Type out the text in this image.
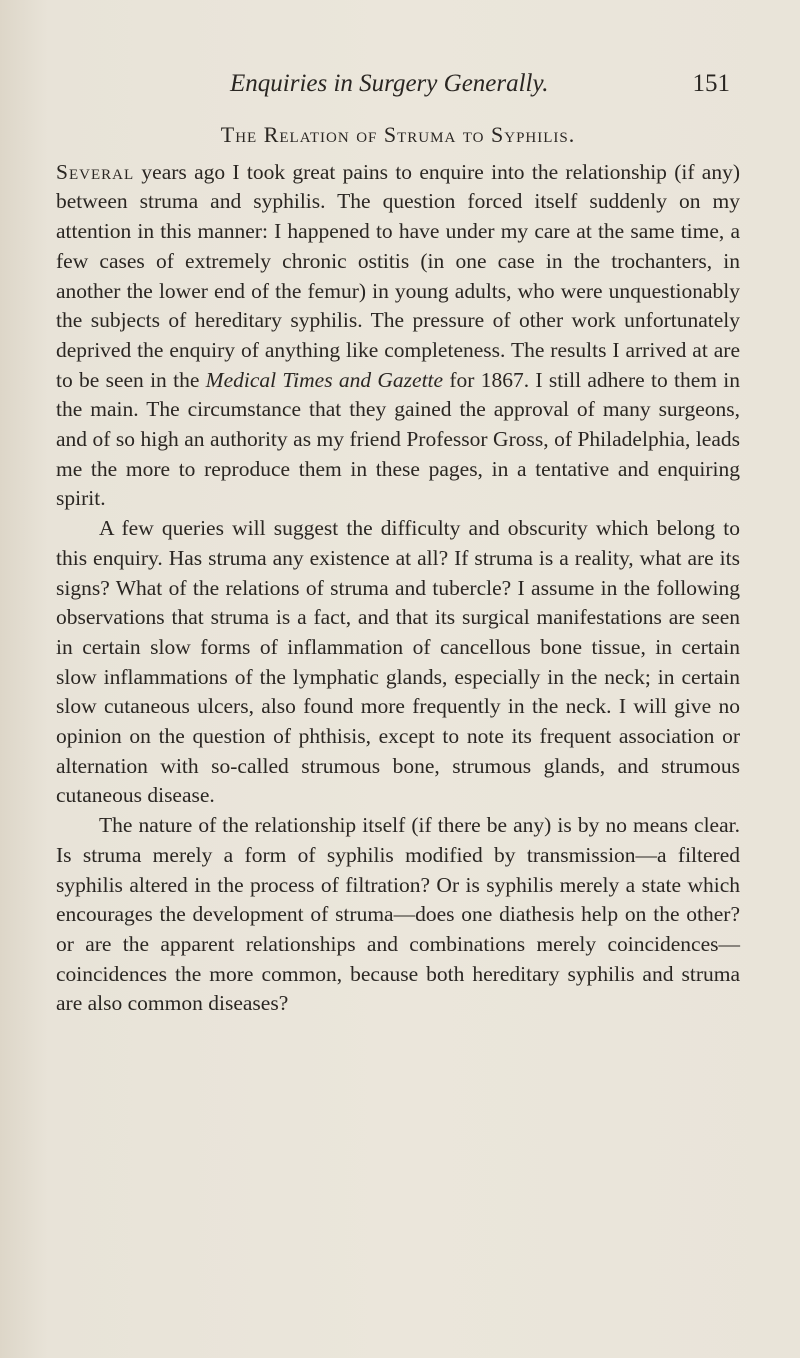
Enquiries in Surgery Generally.	151
The Relation of Struma to Syphilis.

Several years ago I took great pains to enquire into the relationship (if any) between struma and syphilis. The question forced itself suddenly on my attention in this manner: I happened to have under my care at the same time, a few cases of extremely chronic ostitis (in one case in the trochanters, in another the lower end of the femur) in young adults, who were unquestionably the subjects of hereditary syphilis. The pressure of other work unfortunately deprived the enquiry of anything like completeness. The results I arrived at are to be seen in the Medical Times and Gazette for 1867. I still adhere to them in the main. The circumstance that they gained the approval of many surgeons, and of so high an authority as my friend Professor Gross, of Philadelphia, leads me the more to reproduce them in these pages, in a tentative and enquiring spirit.

A few queries will suggest the difficulty and obscurity which belong to this enquiry. Has struma any existence at all? If struma is a reality, what are its signs? What of the relations of struma and tubercle? I assume in the following observations that struma is a fact, and that its surgical manifestations are seen in certain slow forms of inflammation of cancellous bone tissue, in certain slow inflammations of the lymphatic glands, especially in the neck; in certain slow cutaneous ulcers, also found more frequently in the neck. I will give no opinion on the question of phthisis, except to note its frequent association or alternation with so-called strumous bone, strumous glands, and strumous cutaneous disease.

The nature of the relationship itself (if there be any) is by no means clear. Is struma merely a form of syphilis modified by transmission—a filtered syphilis altered in the process of filtration? Or is syphilis merely a state which encourages the development of struma—does one diathesis help on the other? or are the apparent relationships and combinations merely coincidences—coincidences the more common, because both hereditary syphilis and struma are also common diseases?
